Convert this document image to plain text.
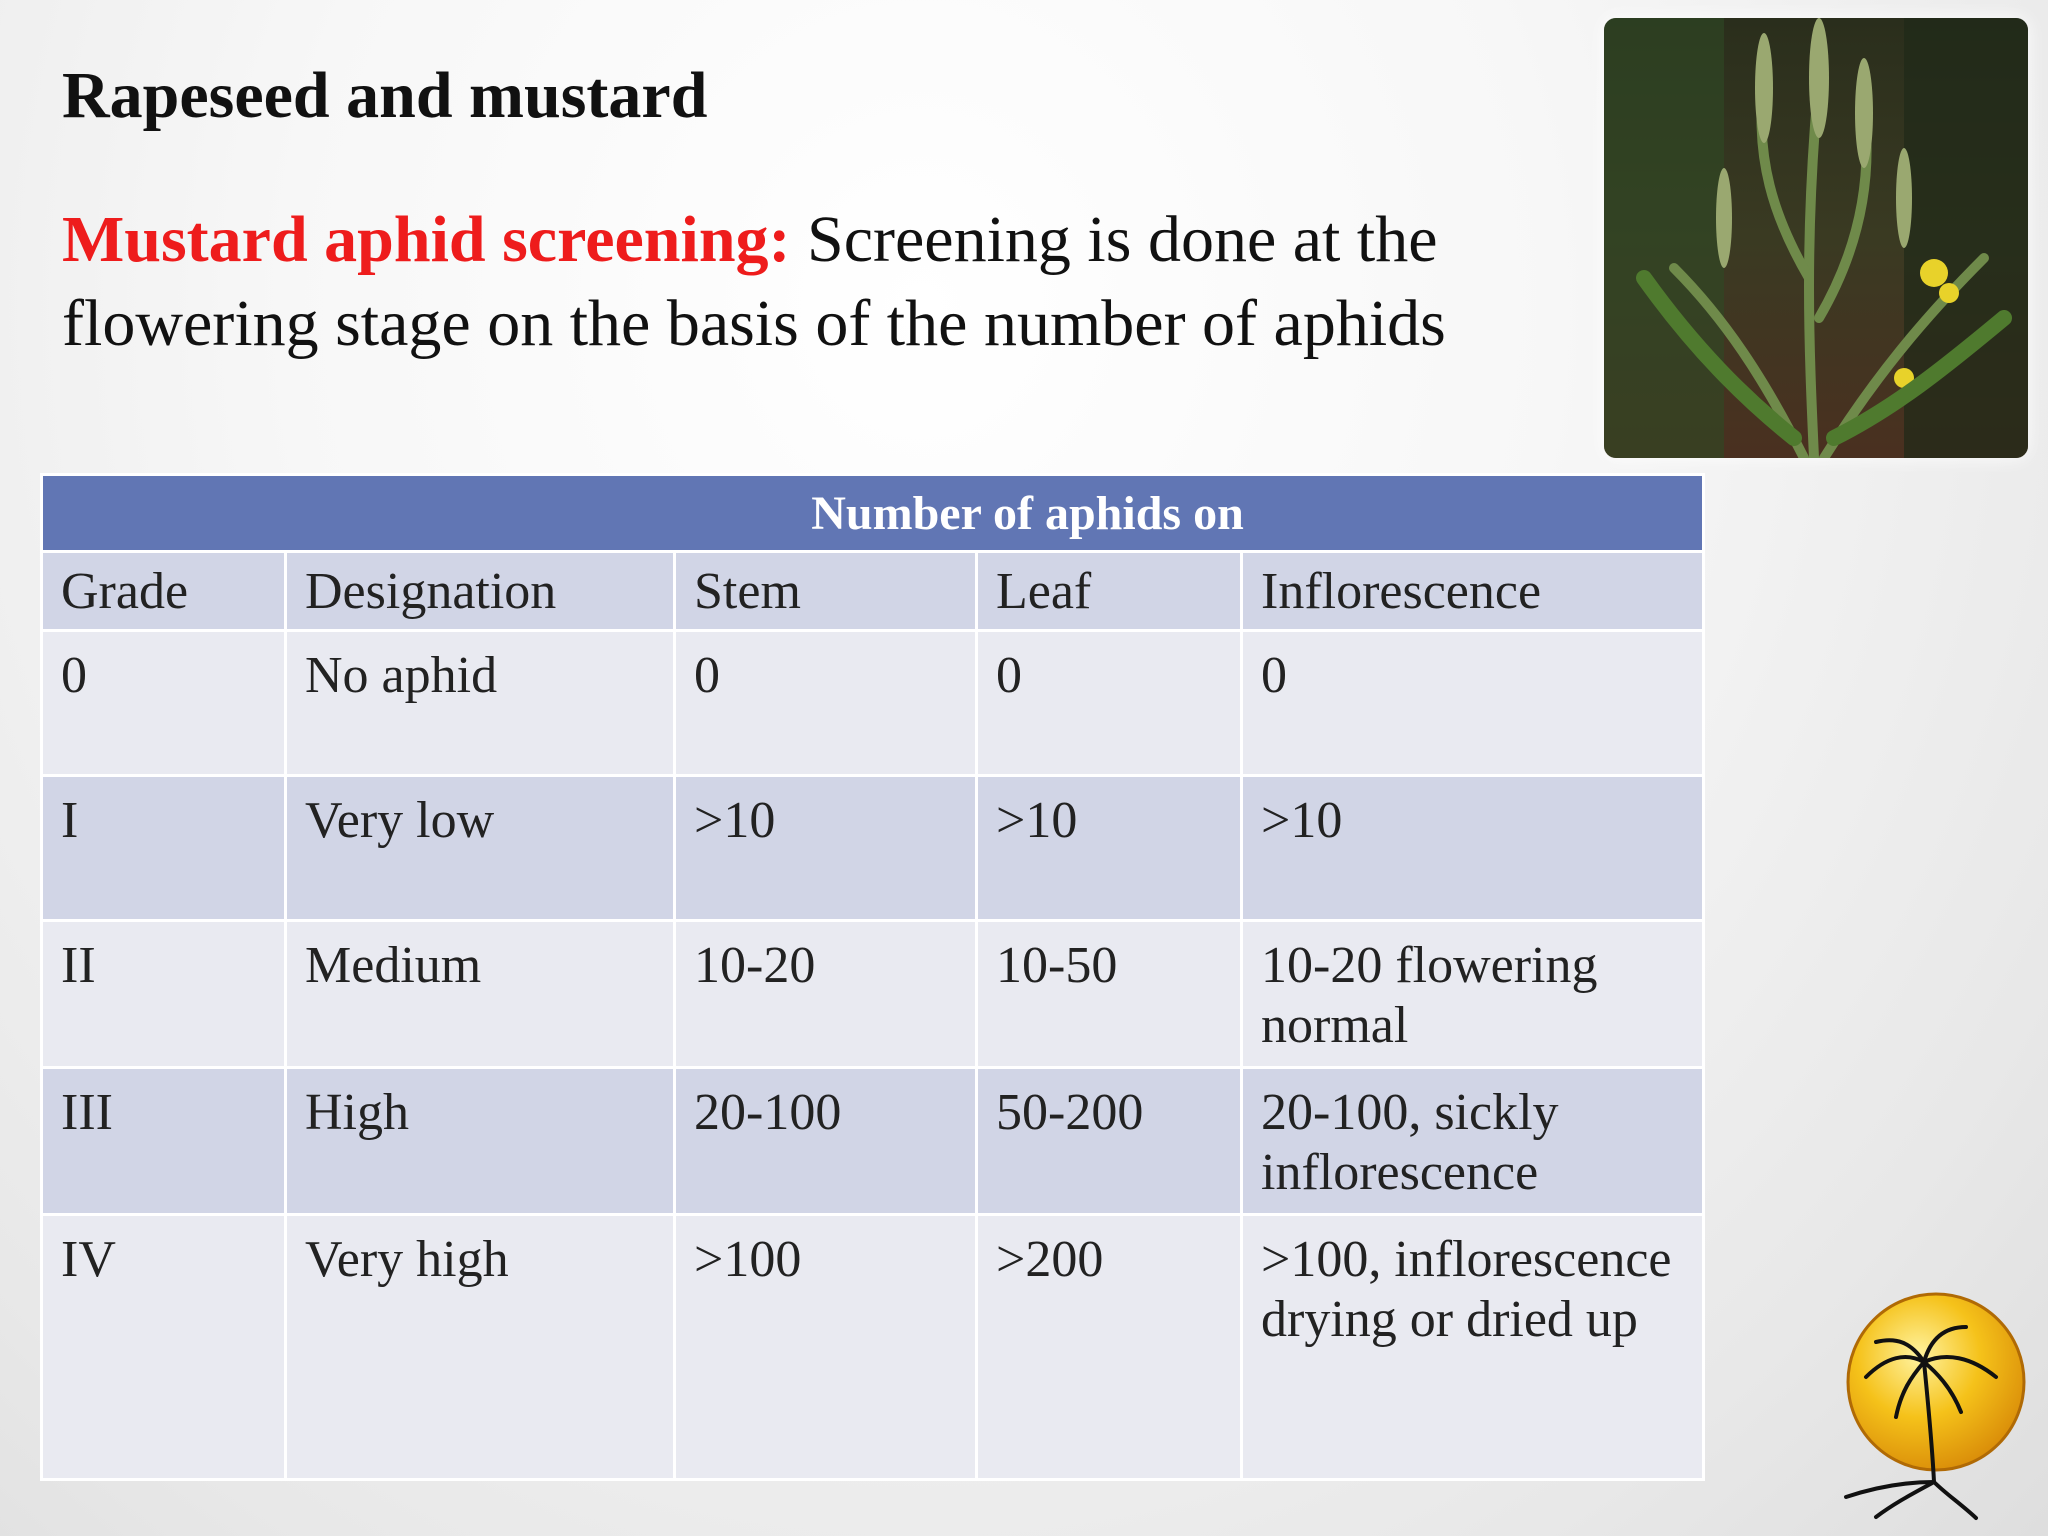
Rapeseed and mustard

Mustard aphid screening: Screening is done at the flowering stage on the basis of the number of aphids

Number of aphids on				
Grade	Designation	Stem	Leaf	Inflorescence
0	No aphid	0	0	0
I	Very low	>10	>10	>10
II	Medium	10-20	10-50	10-20 flowering normal
III	High	20-100	50-200	20-100, sickly inflorescence
IV	Very high	>100	>200	>100, inflorescence drying or dried up
